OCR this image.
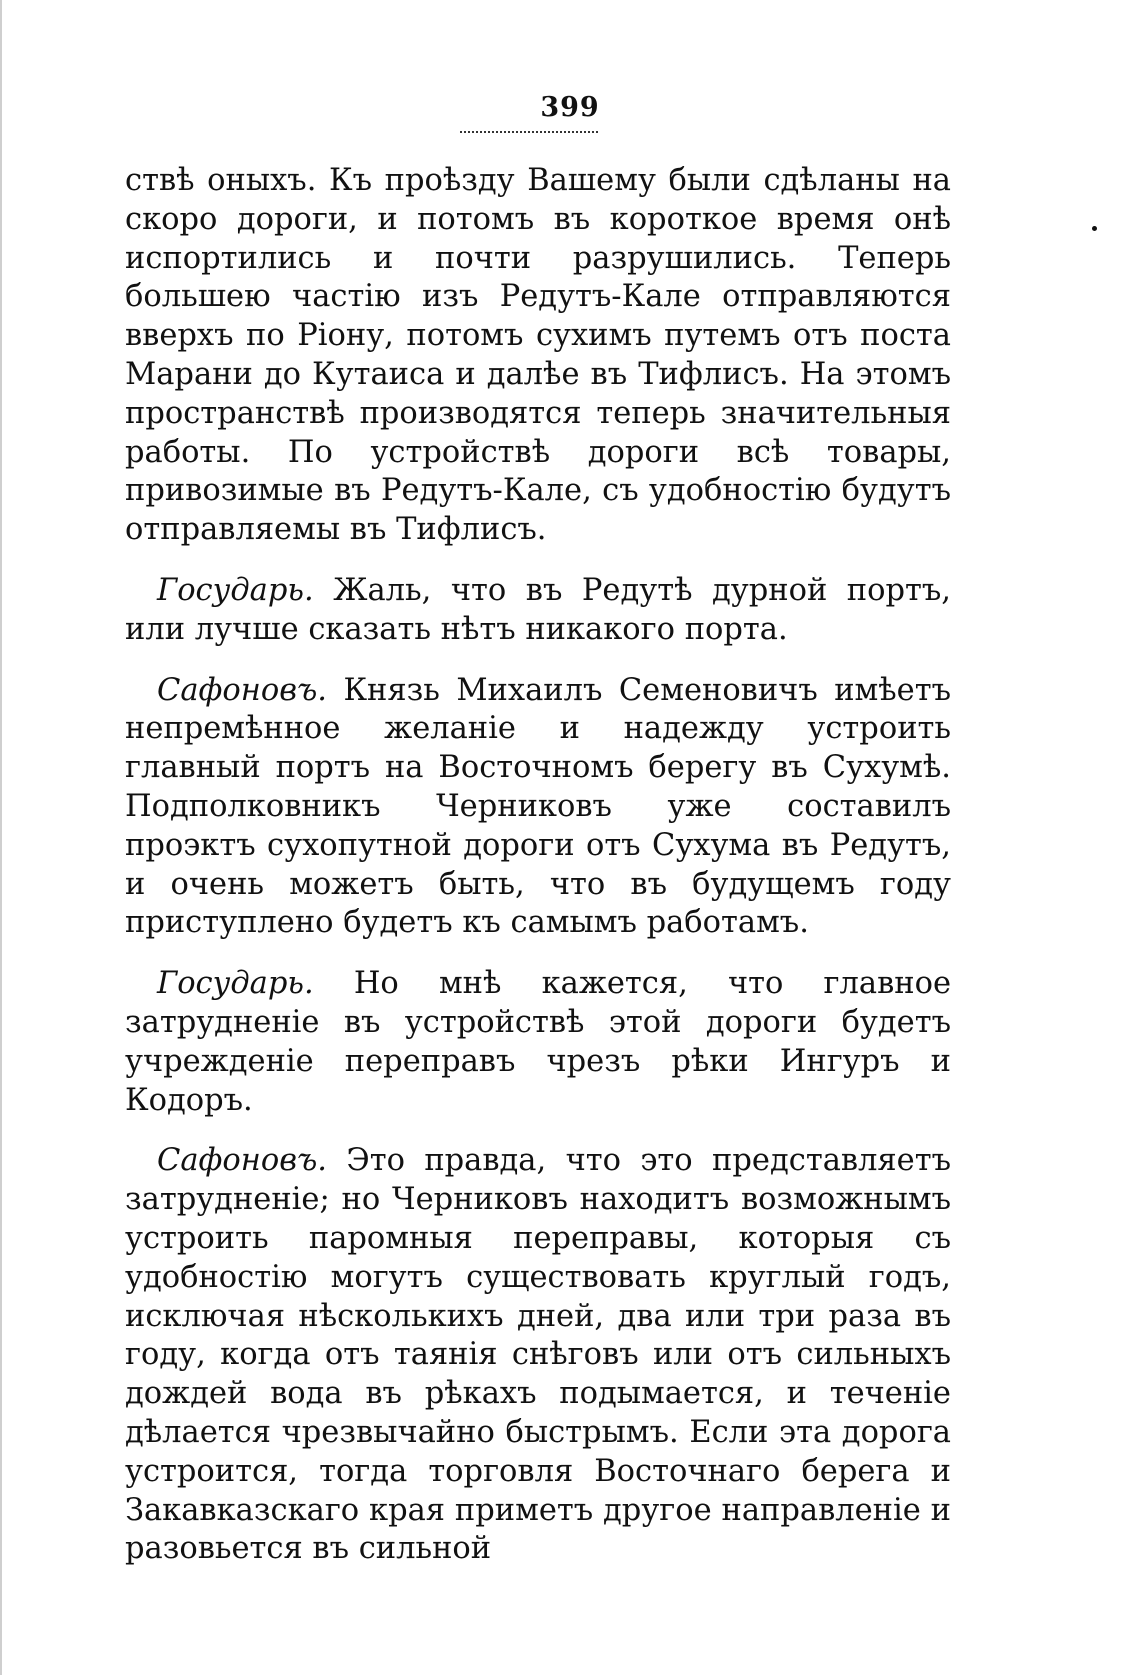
399

ствѣ оныхъ. Къ проѣзду Вашему были сдѣланы на скоро дороги, и потомъ въ короткое время онѣ испортились и почти разрушились. Теперь большею частію изъ Редутъ-Кале отправляются вверхъ по Ріону, потомъ сухимъ путемъ отъ поста Марани до Кутаиса и далѣе въ Тифлисъ. На этомъ пространствѣ производятся теперь значительныя работы. По устройствѣ дороги всѣ товары, привозимые въ Редутъ-Кале, съ удобностію будутъ отправляемы въ Тифлисъ.

Государь. Жаль, что въ Редутѣ дурной портъ, или лучше сказать нѣтъ никакого порта.

Сафоновъ. Князь Михаилъ Семеновичъ имѣетъ непремѣнное желаніе и надежду устроить главный портъ на Восточномъ берегу въ Сухумѣ. Подполковникъ Черниковъ уже составилъ проэктъ сухопутной дороги отъ Сухума въ Редутъ, и очень можетъ быть, что въ будущемъ году приступлено будетъ къ самымъ работамъ.

Государь. Но мнѣ кажется, что главное затрудненіе въ устройствѣ этой дороги будетъ учрежденіе переправъ чрезъ рѣки Ингуръ и Кодоръ.

Сафоновъ. Это правда, что это представляетъ затрудненіе; но Черниковъ находитъ возможнымъ устроить паромныя переправы, которыя съ удобностію могутъ существовать круглый годъ, исключая нѣсколькихъ дней, два или три раза въ году, когда отъ таянія снѣговъ или отъ сильныхъ дождей вода въ рѣкахъ подымается, и теченіе дѣлается чрезвычайно быстрымъ. Если эта дорога устроится, тогда торговля Восточнаго берега и Закавказскаго края приметъ другое направленіе и разовьется въ сильной
